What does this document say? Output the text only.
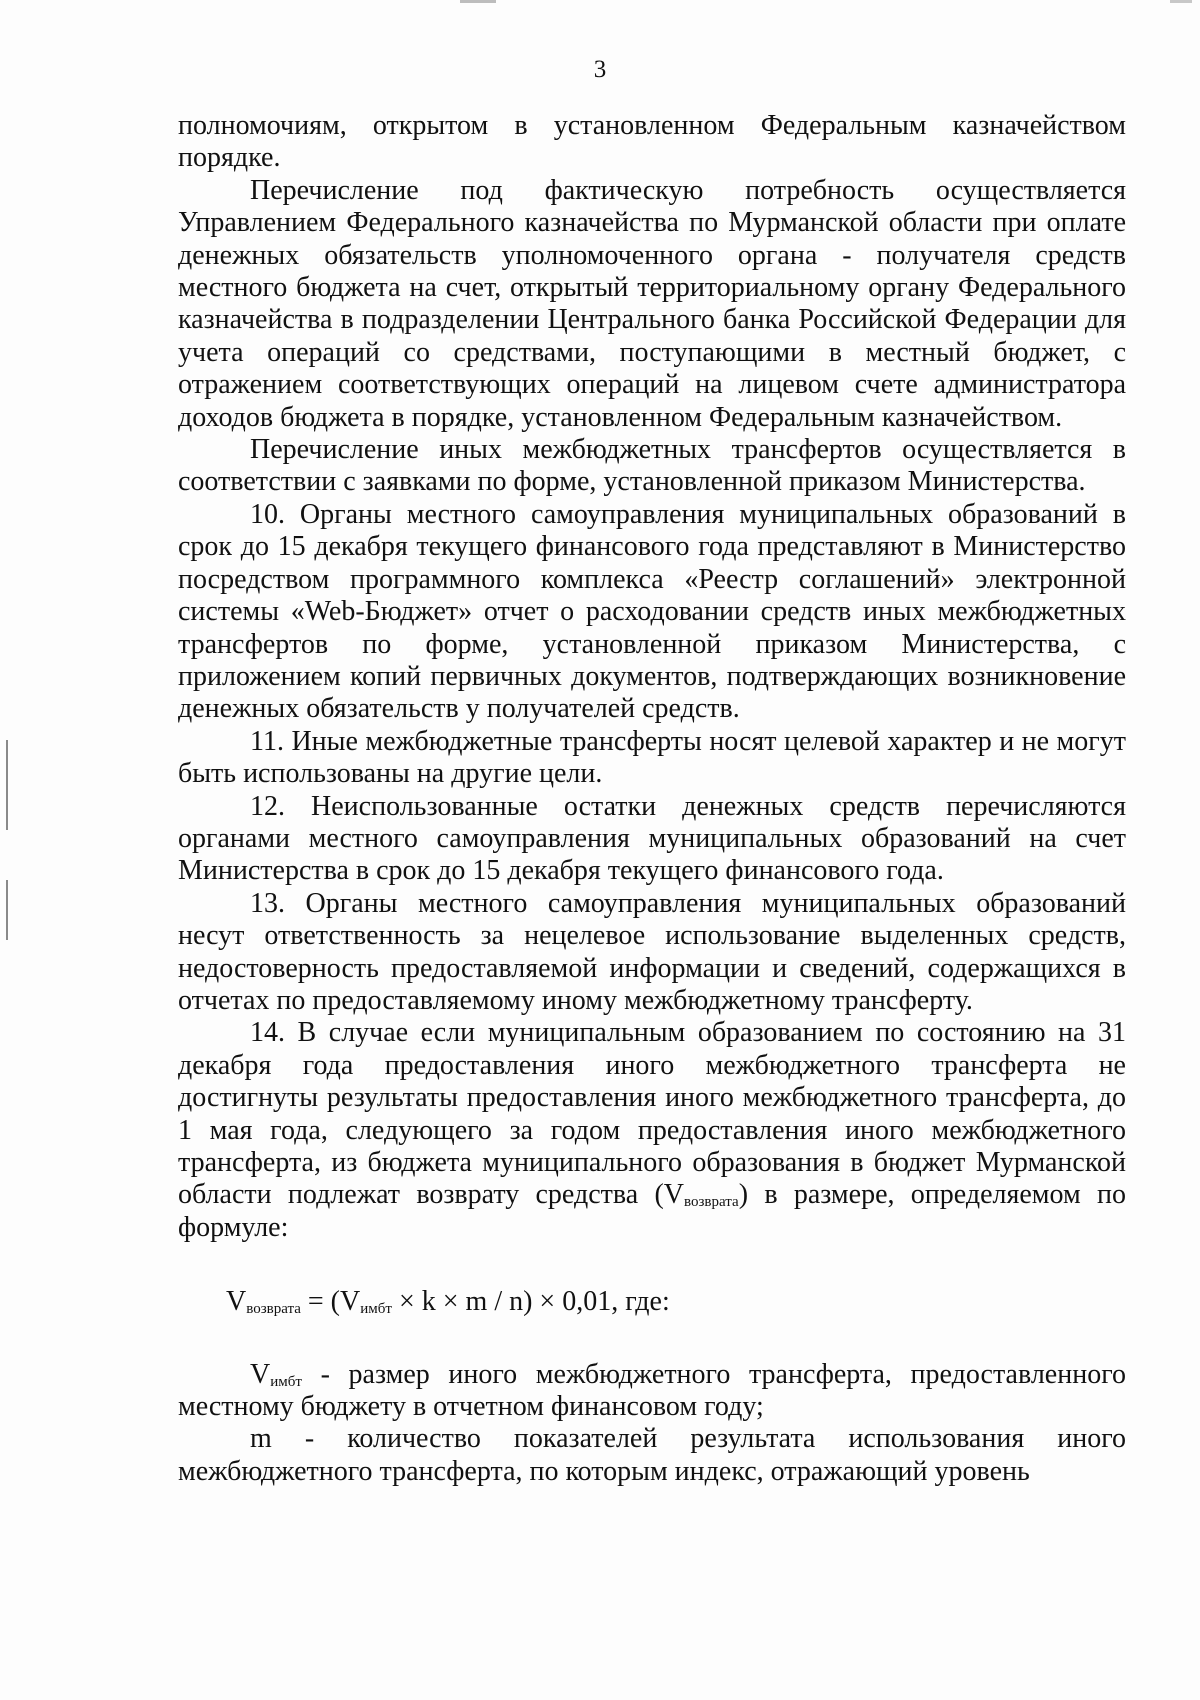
3

полномочиям, открытом в установленном Федеральным казначейством порядке.

Перечисление под фактическую потребность осуществляется Управлением Федерального казначейства по Мурманской области при оплате денежных обязательств уполномоченного органа - получателя средств местного бюджета на счет, открытый территориальному органу Федерального казначейства в подразделении Центрального банка Российской Федерации для учета операций со средствами, поступающими в местный бюджет, с отражением соответствующих операций на лицевом счете администратора доходов бюджета в порядке, установленном Федеральным казначейством.

Перечисление иных межбюджетных трансфертов осуществляется в соответствии с заявками по форме, установленной приказом Министерства.

10. Органы местного самоуправления муниципальных образований в срок до 15 декабря текущего финансового года представляют в Министерство посредством программного комплекса «Реестр соглашений» электронной системы «Web-Бюджет» отчет о расходовании средств иных межбюджетных трансфертов по форме, установленной приказом Министерства, с приложением копий первичных документов, подтверждающих возникновение денежных обязательств у получателей средств.

11. Иные межбюджетные трансферты носят целевой характер и не могут быть использованы на другие цели.

12. Неиспользованные остатки денежных средств перечисляются органами местного самоуправления муниципальных образований на счет Министерства в срок до 15 декабря текущего финансового года.

13. Органы местного самоуправления муниципальных образований несут ответственность за нецелевое использование выделенных средств, недостоверность предоставляемой информации и сведений, содержащихся в отчетах по предоставляемому иному межбюджетному трансферту.

14. В случае если муниципальным образованием по состоянию на 31 декабря года предоставления иного межбюджетного трансферта не достигнуты результаты предоставления иного межбюджетного трансферта, до 1 мая года, следующего за годом предоставления иного межбюджетного трансферта, из бюджета муниципального образования в бюджет Мурманской области подлежат возврату средства $(V_{возврата})$ в размере, определяемом по формуле:

$V_{возврата} = (V_{имбт} \times k \times m / n) \times 0,01$, где:

$V_{имбт}$ - размер иного межбюджетного трансферта, предоставленного местному бюджету в отчетном финансовом году;

m - количество показателей результата использования иного межбюджетного трансферта, по которым индекс, отражающий уровень
